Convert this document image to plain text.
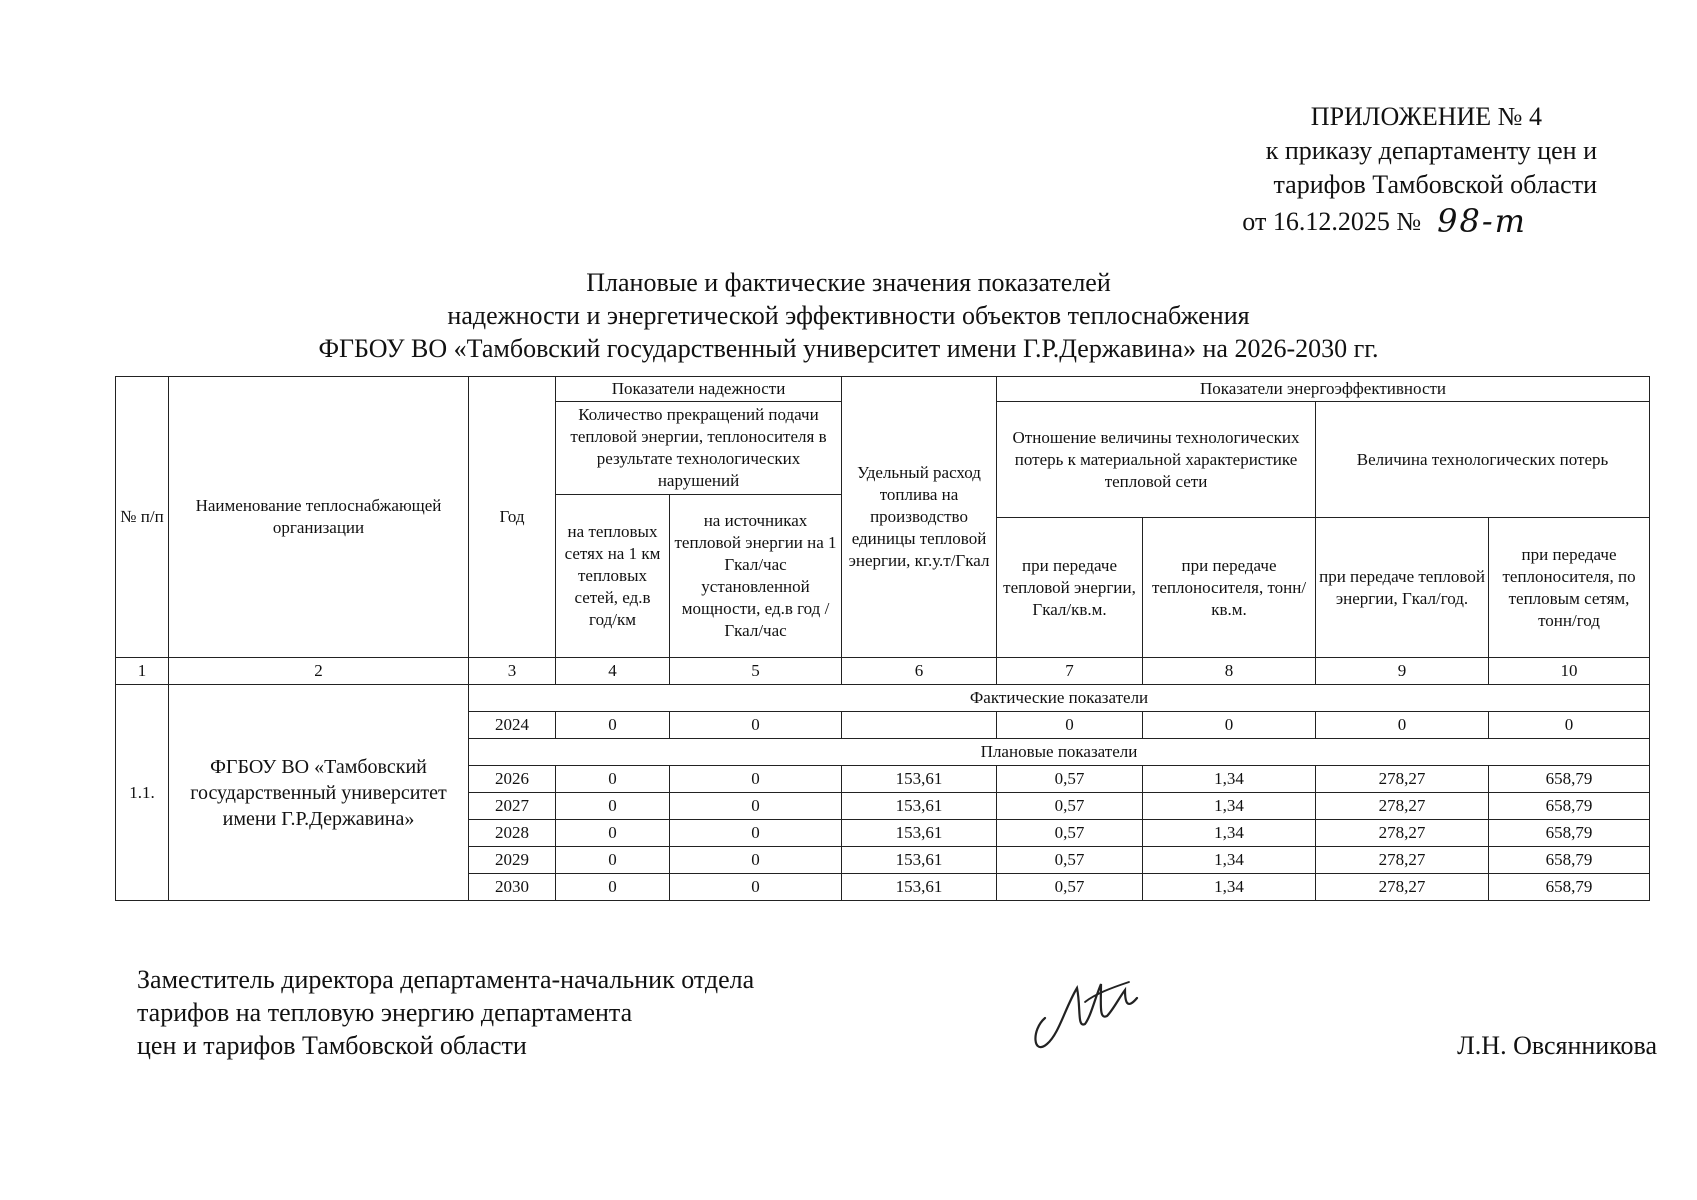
ПРИЛОЖЕНИЕ № 4
к приказу департаменту цен и
тарифов Тамбовской области
от 16.12.2025 № 98-т
Плановые и фактические значения показателей
надежности и энергетической эффективности объектов теплоснабжения
ФГБОУ ВО «Тамбовский государственный университет имени Г.Р.Державина» на 2026-2030 гг.
№ п/п	Наименование теплоснабжающей организации	Год	Показатели надежности		Удельный расход топлива на производство единицы тепловой энергии, кг.у.т/Гкал	Показатели энергоэффективности			
			Количество прекращений подачи тепловой энергии, теплоносителя в результате технологических нарушений			Отношение величины технологических потерь к материальной характеристике тепловой сети		Величина технологических потерь	
			на тепловых сетях на 1 км тепловых сетей, ед.в год/км	на источниках тепловой энергии на 1 Гкал/час установленной мощности, ед.в год /Гкал/час					
						при передаче тепловой энергии, Гкал/кв.м.	при передаче теплоносителя, тонн/кв.м.	при передаче тепловой энергии, Гкал/год.	при передаче теплоносителя, по тепловым сетям, тонн/год
1	2	3	4	5	6	7	8	9	10
1.1.	ФГБОУ ВО «Тамбовский государственный университет имени Г.Р.Державина»	Фактические показатели							
		2024	0	0		0	0	0	0
		Плановые показатели							
		2026	0	0	153,61	0,57	1,34	278,27	658,79
		2027	0	0	153,61	0,57	1,34	278,27	658,79
		2028	0	0	153,61	0,57	1,34	278,27	658,79
		2029	0	0	153,61	0,57	1,34	278,27	658,79
		2030	0	0	153,61	0,57	1,34	278,27	658,79
Заместитель директора департамента-начальник отдела
тарифов на тепловую энергию департамента
цен и тарифов Тамбовской области	Л.Н. Овсянникова
